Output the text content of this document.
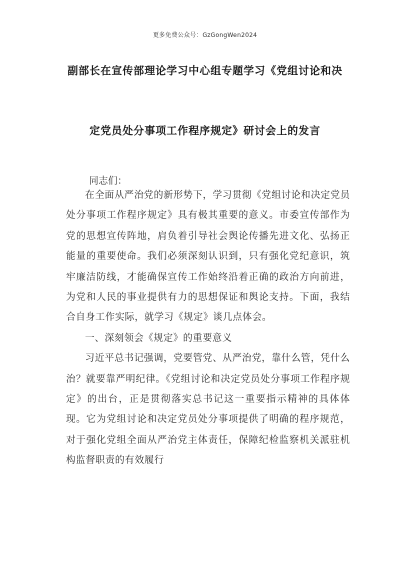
更多免费公众号：GzGongWen2024
副部长在宣传部理论学习中心组专题学习《党组讨论和决
定党员处分事项工作程序规定》研讨会上的发言
同志们：

在全面从严治党的新形势下，学习贯彻《党组讨论和决定党员处分事项工作程序规定》具有极其重要的意义。市委宣传部作为党的思想宣传阵地，肩负着引导社会舆论传播先进文化、弘扬正能量的重要使命。我们必须深刻认识到，只有强化党纪意识，筑牢廉洁防线，才能确保宣传工作始终沿着正确的政治方向前进，为党和人民的事业提供有力的思想保证和舆论支持。下面，我结合自身工作实际，就学习《规定》谈几点体会。

一、深刻领会《规定》的重要意义

习近平总书记强调，党要管党、从严治党，靠什么管，凭什么治？就要靠严明纪律。《党组讨论和决定党员处分事项工作程序规定》的出台，正是贯彻落实总书记这一重要指示精神的具体体现。它为党组讨论和决定党员处分事项提供了明确的程序规范，对于强化党组全面从严治党主体责任，保障纪检监察机关派驻机构监督职责的有效履行
